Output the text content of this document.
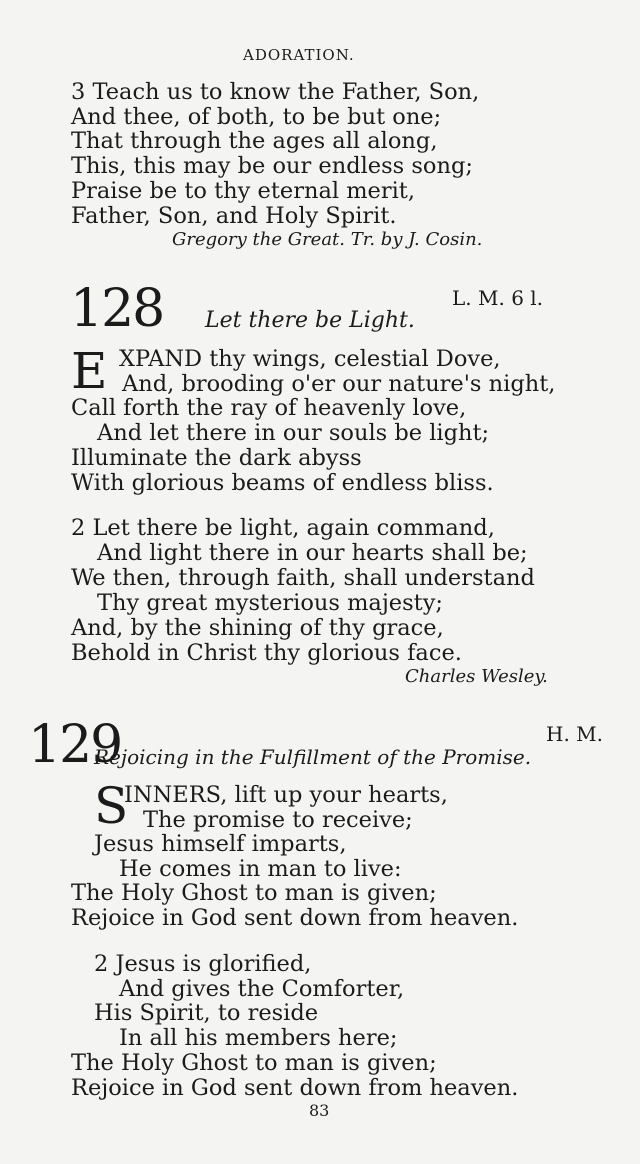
ADORATION.
3 Teach us to know the Father, Son,
And thee, of both, to be but one;
That through the ages all along,
This, this may be our endless song;
Praise be to thy eternal merit,
Father, Son, and Holy Spirit.
Gregory the Great. Tr. by J. Cosin.
128	L. M. 6 l.
Let there be Light.
E XPAND thy wings, celestial Dove,
And, brooding o'er our nature's night,
Call forth the ray of heavenly love,
And let there in our souls be light;
Illuminate the dark abyss
With glorious beams of endless bliss.
2 Let there be light, again command,
And light there in our hearts shall be;
We then, through faith, shall understand
Thy great mysterious majesty;
And, by the shining of thy grace,
Behold in Christ thy glorious face.
Charles Wesley.
129	H. M.
Rejoicing in the Fulfillment of the Promise.
S
INNERS, lift up your hearts,
The promise to receive;
Jesus himself imparts,
He comes in man to live:
The Holy Ghost to man is given;
Rejoice in God sent down from heaven.
2 Jesus is glorified,
And gives the Comforter,
His Spirit, to reside
In all his members here;
The Holy Ghost to man is given;
Rejoice in God sent down from heaven.
83
